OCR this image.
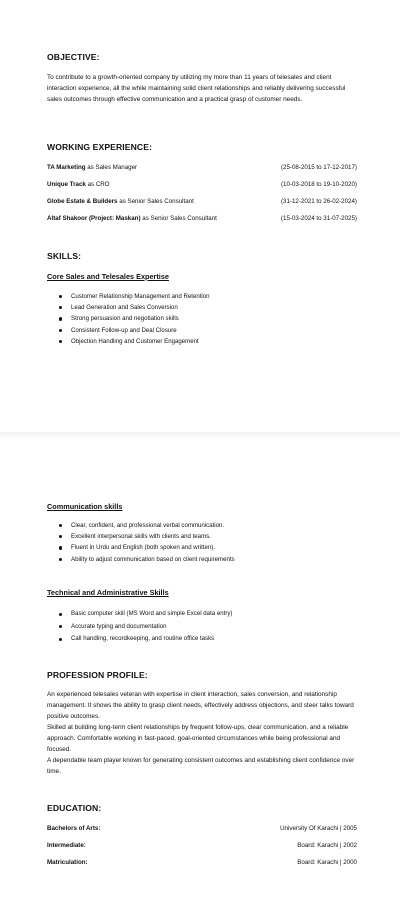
OBJECTIVE:
To contribute to a growth-oriented company by utilizing my more than 11 years of telesales and client interaction experience, all the while maintaining solid client relationships and reliably delivering successful sales outcomes through effective communication and a practical grasp of customer needs.
WORKING EXPERIENCE:
TA Marketing as Sales Manager	(25-08-2015 to 17-12-2017)
Unique Track as CRO	(10-03-2018 to 19-10-2020)
Globe Estate & Builders as Senior Sales Consultant	(31-12-2021 to 26-02-2024)
Altaf Shakoor (Project: Maskan) as Senior Sales Consultant	(15-03-2024 to 31-07-2025)
SKILLS:
Core Sales and Telesales Expertise
Customer Relationship Management and Retention
Lead Generation and Sales Conversion
Strong persuasion and negotiation skills
Consistent Follow-up and Deal Closure
Objection Handling and Customer Engagement
Communication skills
Clear, confident, and professional verbal communication.
Excellent interpersonal skills with clients and teams.
Fluent in Urdu and English (both spoken and written).
Ability to adjust communication based on client requirements
Technical and Administrative Skills
Basic computer skill (MS Word and simple Excel data entry)
Accurate typing and documentation
Call handling, recordkeeping, and routine office tasks
PROFESSION PROFILE:
An experienced telesales veteran with expertise in client interaction, sales conversion, and relationship management. It shows the ability to grasp client needs, effectively address objections, and steer talks toward positive outcomes.
Skilled at building long-term client relationships by frequent follow-ups, clear communication, and a reliable approach. Comfortable working in fast-paced, goal-oriented circumstances while being professional and focused.
A dependable team player known for generating consistent outcomes and establishing client confidence over time.
EDUCATION:
Bachelors of Arts:	University Of Karachi | 2005
Intermediate:	Board: Karachi | 2002
Matriculation:	Board: Karachi | 2000
